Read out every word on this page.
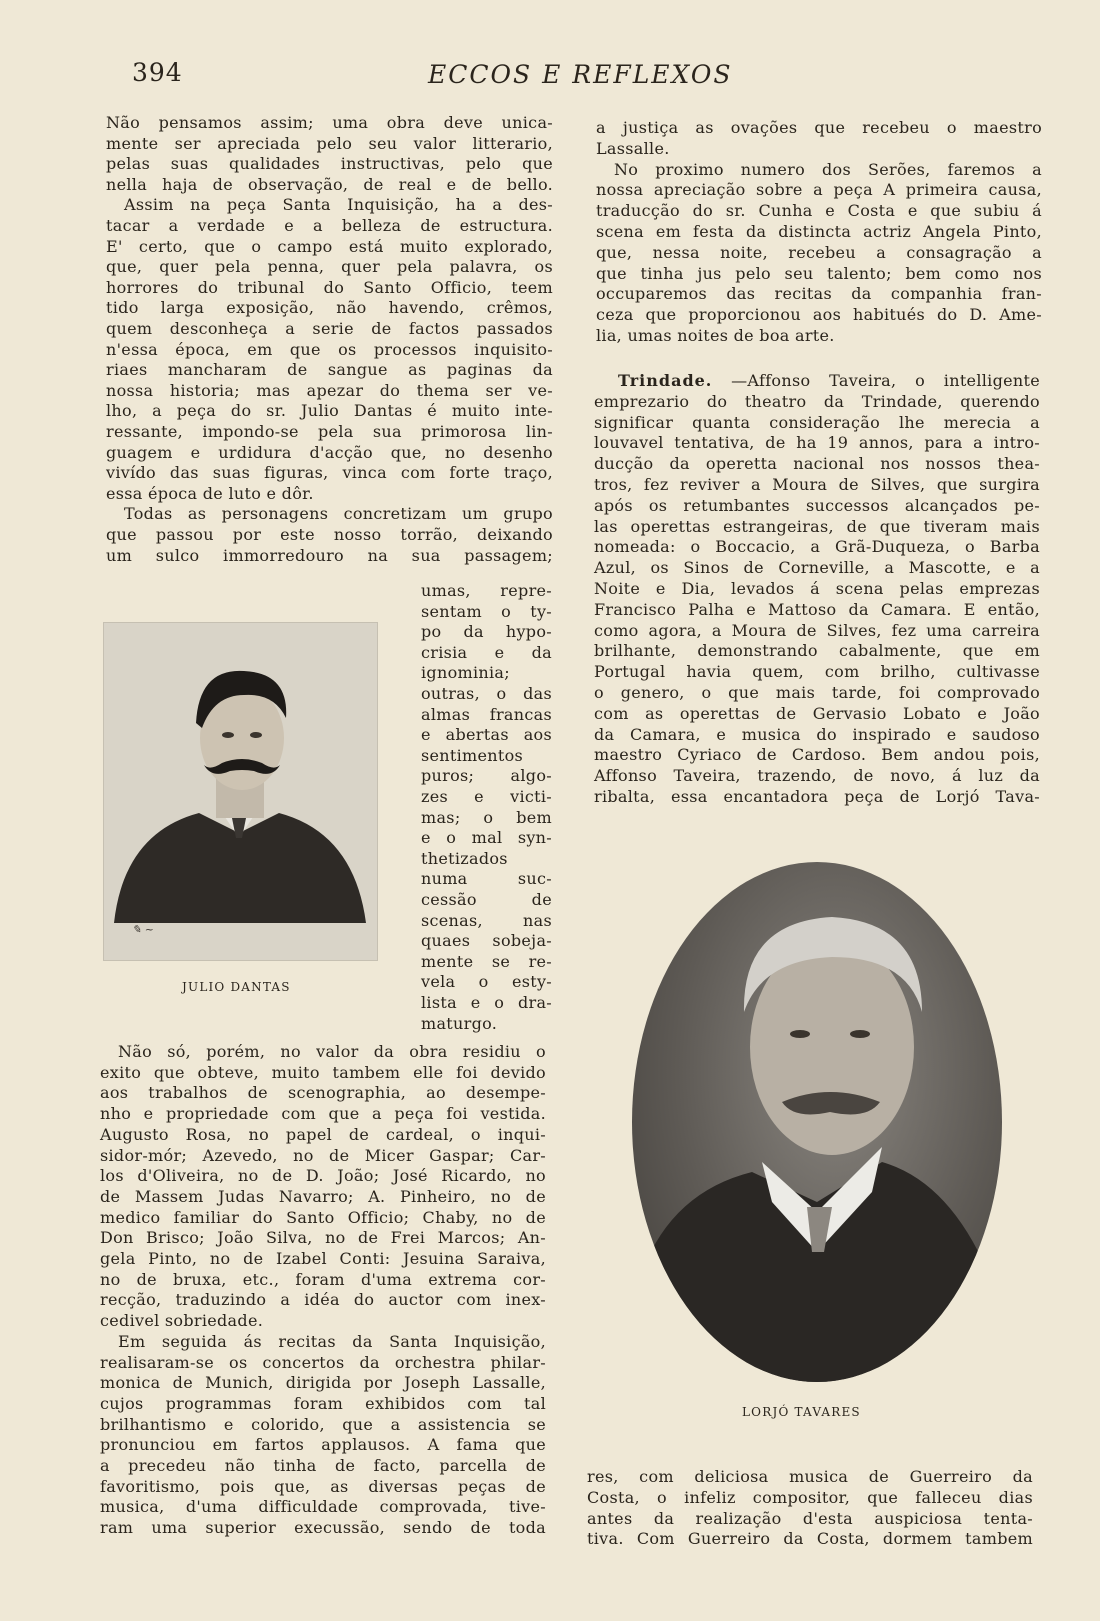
394	ECCOS E REFLEXOS
Não pensamos assim; uma obra deve unica-
mente ser apreciada pelo seu valor litterario,
pelas suas qualidades instructivas, pelo que
nella haja de observação, de real e de bello.
Assim na peça Santa Inquisição, ha a des-
tacar a verdade e a belleza de estructura.
E' certo, que o campo está muito explorado,
que, quer pela penna, quer pela palavra, os
horrores do tribunal do Santo Officio, teem
tido larga exposição, não havendo, crêmos,
quem desconheça a serie de factos passados
n'essa época, em que os processos inquisito-
riaes mancharam de sangue as paginas da
nossa historia; mas apezar do thema ser ve-
lho, a peça do sr. Julio Dantas é muito inte-
ressante, impondo-se pela sua primorosa lin-
guagem e urdidura d'acção que, no desenho
vivído das suas figuras, vinca com forte traço,
essa época de luto e dôr.
Todas as personagens concretizam um grupo
que passou por este nosso torrão, deixando
um sulco immorredouro na sua passagem;
umas, repre-
sentam o ty-
po da hypo-
crisia e da
ignominia;
outras, o das
almas francas
e abertas aos
sentimentos
puros; algo-
zes e victi-
mas; o bem
e o mal syn-
thetizados
numa suc-
cessão de
scenas, nas
quaes sobeja-
mente se re-
vela o esty-
lista e o dra-
maturgo.
Não só, porém, no valor da obra residiu o
exito que obteve, muito tambem elle foi devido
aos trabalhos de scenographia, ao desempe-
nho e propriedade com que a peça foi vestida.
Augusto Rosa, no papel de cardeal, o inqui-
sidor-mór; Azevedo, no de Micer Gaspar; Car-
los d'Oliveira, no de D. João; José Ricardo, no
de Massem Judas Navarro; A. Pinheiro, no de
medico familiar do Santo Officio; Chaby, no de
Don Brisco; João Silva, no de Frei Marcos; An-
gela Pinto, no de Izabel Conti: Jesuina Saraiva,
no de bruxa, etc., foram d'uma extrema cor-
recção, traduzindo a idéa do auctor com inex-
cedivel sobriedade.
Em seguida ás recitas da Santa Inquisição,
realisaram-se os concertos da orchestra philar-
monica de Munich, dirigida por Joseph Lassalle,
cujos programmas foram exhibidos com tal
brilhantismo e colorido, que a assistencia se
pronunciou em fartos applausos. A fama que
a precedeu não tinha de facto, parcella de
favoritismo, pois que, as diversas peças de
musica, d'uma difficuldade comprovada, tive-
ram uma superior execussão, sendo de toda
a justiça as ovações que recebeu o maestro
Lassalle.
No proximo numero dos Serões, faremos a
nossa apreciação sobre a peça A primeira causa,
traducção do sr. Cunha e Costa e que subiu á
scena em festa da distincta actriz Angela Pinto,
que, nessa noite, recebeu a consagração a
que tinha jus pelo seu talento; bem como nos
occuparemos das recitas da companhia fran-
ceza que proporcionou aos habitués do D. Ame-
lia, umas noites de boa arte.
Trindade. —Affonso Taveira, o intelligente
emprezario do theatro da Trindade, querendo
significar quanta consideração lhe merecia a
louvavel tentativa, de ha 19 annos, para a intro-
ducção da operetta nacional nos nossos thea-
tros, fez reviver a Moura de Silves, que surgira
após os retumbantes successos alcançados pe-
las operettas estrangeiras, de que tiveram mais
nomeada: o Boccacio, a Grã-Duqueza, o Barba
Azul, os Sinos de Corneville, a Mascotte, e a
Noite e Dia, levados á scena pelas emprezas
Francisco Palha e Mattoso da Camara. E então,
como agora, a Moura de Silves, fez uma carreira
brilhante, demonstrando cabalmente, que em
Portugal havia quem, com brilho, cultivasse
o genero, o que mais tarde, foi comprovado
com as operettas de Gervasio Lobato e João
da Camara, e musica do inspirado e saudoso
maestro Cyriaco de Cardoso. Bem andou pois,
Affonso Taveira, trazendo, de novo, á luz da
ribalta, essa encantadora peça de Lorjó Tava-
res, com deliciosa musica de Guerreiro da
Costa, o infeliz compositor, que falleceu dias
antes da realização d'esta auspiciosa tenta-
tiva. Com Guerreiro da Costa, dormem tambem
✎ ~
JULIO DANTAS
LORJÓ TAVARES
